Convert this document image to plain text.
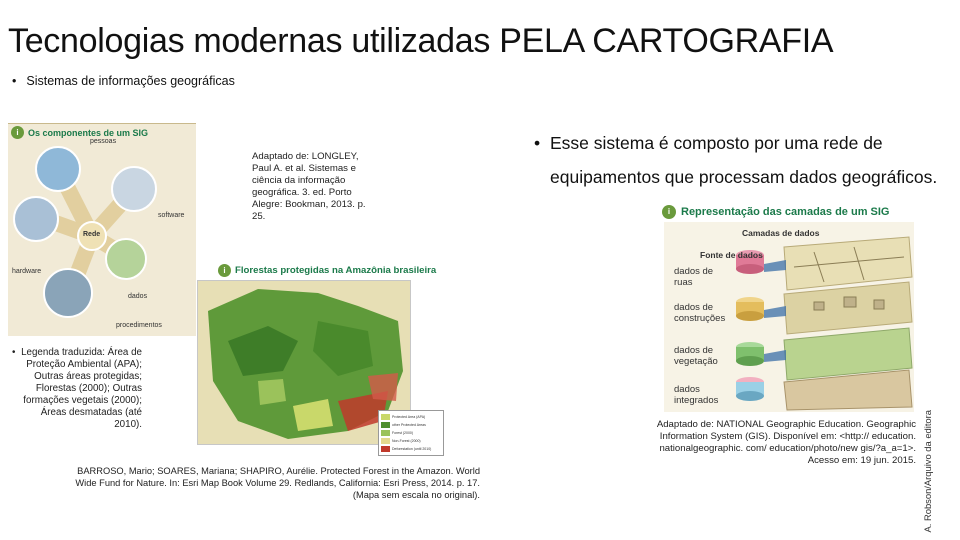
Tecnologias modernas utilizadas PELA CARTOGRAFIA
• Sistemas de informações geográficas
i	Os componentes de um SIG
Rede
pessoas
software
hardware
dados
procedimentos
Adaptado de: LONGLEY, Paul A. et al. Sistemas e ciência da informação geográfica. 3. ed. Porto Alegre: Bookman, 2013. p. 25.
i Florestas protegidas na Amazônia brasileira
Protected Area (APA)
other Protected Areas
Forest (2000)
Non-Forest (2000)
Deforestation (until 2010)
• Legenda traduzida: Área de Proteção Ambiental (APA); Outras áreas protegidas; Florestas (2000); Outras formações vegetais (2000); Áreas desmatadas (até 2010).
BARROSO, Mario; SOARES, Mariana; SHAPIRO, Aurélie. Protected Forest in the Amazon. World Wide Fund for Nature. In: Esri Map Book Volume 29. Redlands, California: Esri Press, 2014. p. 17. (Mapa sem escala no original).
• Esse sistema é composto por uma rede de equipamentos que processam dados geográficos.
i Representação das camadas de um SIG
Camadas de dados
Fonte de dados
dados de ruas
dados de construções
dados de vegetação
dados integrados
A. Robson/Arquivo da editora
Adaptado de: NATIONAL Geographic Education. Geographic Information System (GIS). Disponível em: <http:// education. nationalgeographic. com/ education/photo/new gis/?a_a=1>. Acesso em: 19 jun. 2015.
